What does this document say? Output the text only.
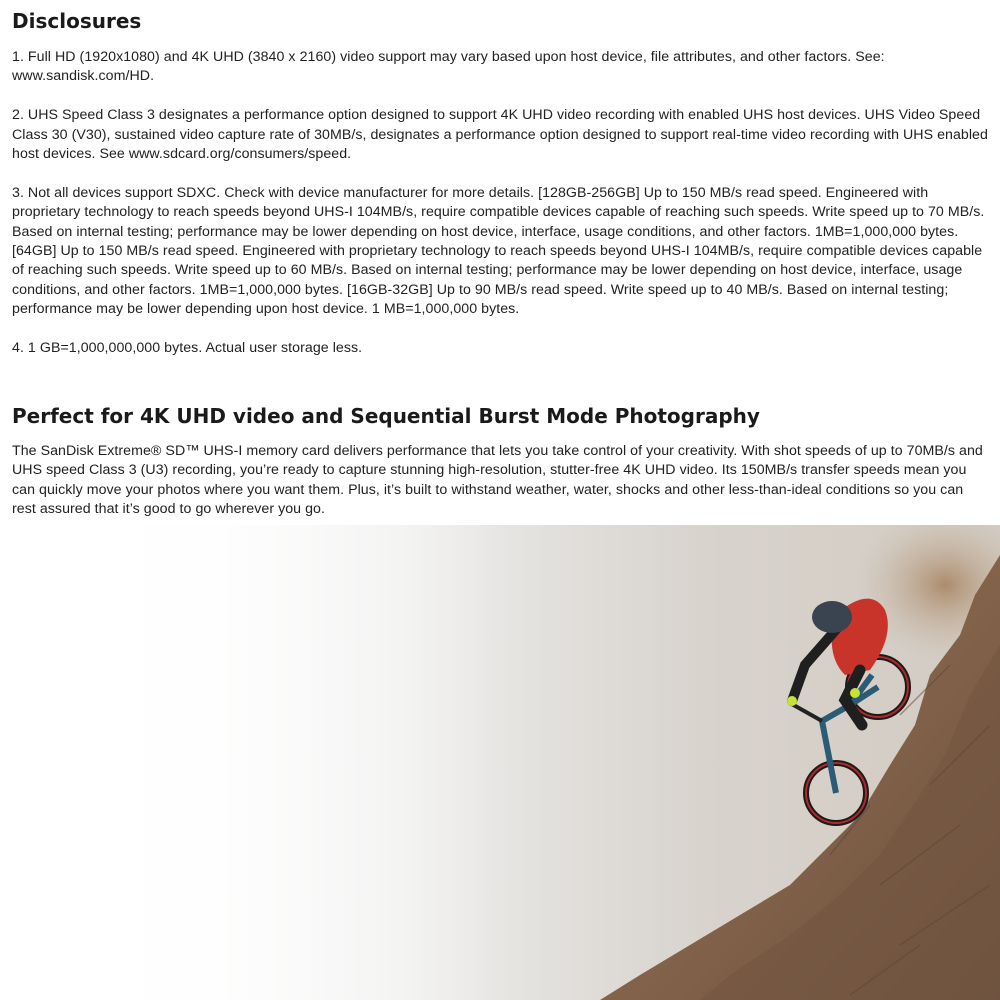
Disclosures

1. Full HD (1920x1080) and 4K UHD (3840 x 2160) video support may vary based upon host device, file attributes, and other factors. See: www.sandisk.com/HD.

2. UHS Speed Class 3 designates a performance option designed to support 4K UHD video recording with enabled UHS host devices. UHS Video Speed Class 30 (V30), sustained video capture rate of 30MB/s, designates a performance option designed to support real-time video recording with UHS enabled host devices. See www.sdcard.org/consumers/speed.

3. Not all devices support SDXC. Check with device manufacturer for more details. [128GB-256GB] Up to 150 MB/s read speed. Engineered with proprietary technology to reach speeds beyond UHS-I 104MB/s, require compatible devices capable of reaching such speeds. Write speed up to 70 MB/s. Based on internal testing; performance may be lower depending on host device, interface, usage conditions, and other factors. 1MB=1,000,000 bytes. [64GB] Up to 150 MB/s read speed. Engineered with proprietary technology to reach speeds beyond UHS-I 104MB/s, require compatible devices capable of reaching such speeds. Write speed up to 60 MB/s. Based on internal testing; performance may be lower depending on host device, interface, usage conditions, and other factors. 1MB=1,000,000 bytes. [16GB-32GB] Up to 90 MB/s read speed. Write speed up to 40 MB/s. Based on internal testing; performance may be lower depending upon host device. 1 MB=1,000,000 bytes.

4. 1 GB=1,000,000,000 bytes. Actual user storage less.

Perfect for 4K UHD video and Sequential Burst Mode Photography

The SanDisk Extreme® SD™ UHS-I memory card delivers performance that lets you take control of your creativity. With shot speeds of up to 70MB/s and UHS speed Class 3 (U3) recording, you’re ready to capture stunning high-resolution, stutter-free 4K UHD video. Its 150MB/s transfer speeds mean you can quickly move your photos where you want them. Plus, it’s built to withstand weather, water, shocks and other less-than-ideal conditions so you can rest assured that it’s good to go wherever you go.
